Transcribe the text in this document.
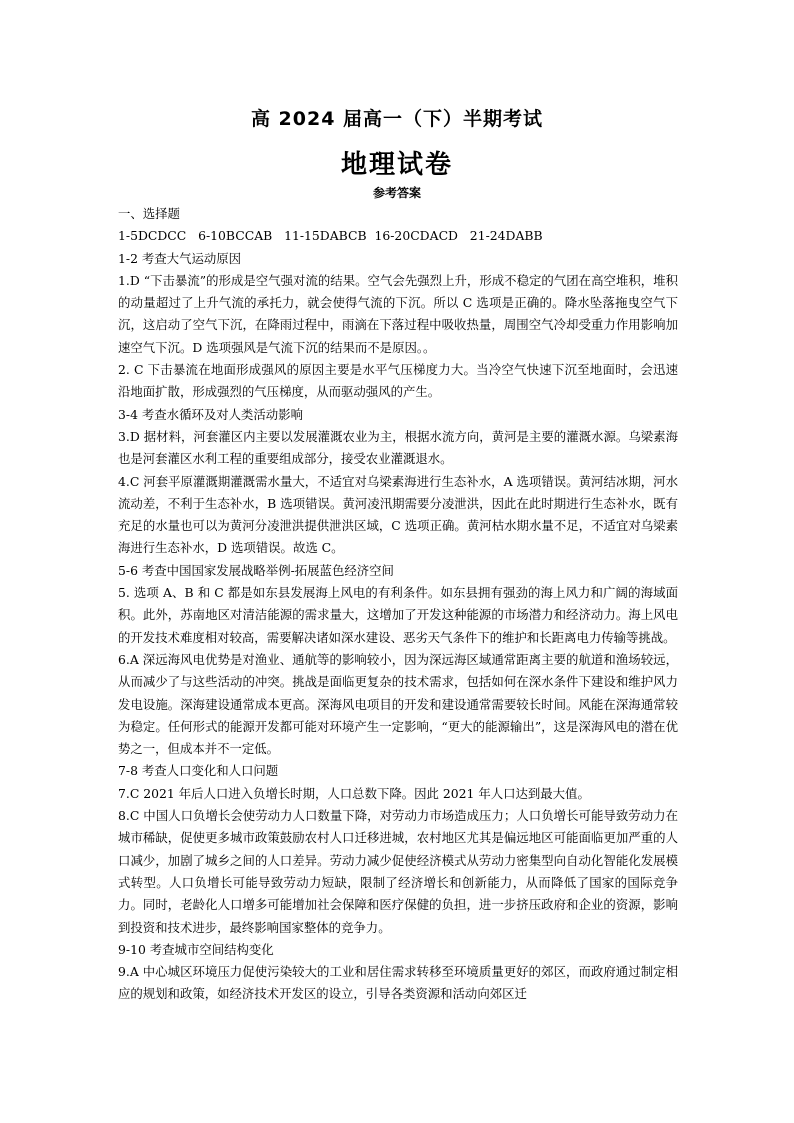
高 2024 届高一（下）半期考试
地理试卷
参考答案

一、选择题

1-5DCDCC   6-10BCCAB   11-15DABCB  16-20CDACD   21-24DABB

1-2 考查大气运动原因

1.D “下击暴流”的形成是空气强对流的结果。空气会先强烈上升，形成不稳定的气团在高空堆积，堆积的动量超过了上升气流的承托力，就会使得气流的下沉。所以 C 选项是正确的。降水坠落拖曳空气下沉，这启动了空气下沉，在降雨过程中，雨滴在下落过程中吸收热量，周围空气冷却受重力作用影响加速空气下沉。D 选项强风是气流下沉的结果而不是原因。。

2. C 下击暴流在地面形成强风的原因主要是水平气压梯度力大。当冷空气快速下沉至地面时，会迅速沿地面扩散，形成强烈的气压梯度，从而驱动强风的产生。

3-4 考查水循环及对人类活动影响

3.D 据材料，河套灌区内主要以发展灌溉农业为主，根据水流方向，黄河是主要的灌溉水源。乌梁素海也是河套灌区水利工程的重要组成部分，接受农业灌溉退水。

4.C 河套平原灌溉期灌溉需水量大，不适宜对乌梁素海进行生态补水，A 选项错误。黄河结冰期，河水流动差，不利于生态补水，B 选项错误。黄河凌汛期需要分凌泄洪，因此在此时期进行生态补水，既有充足的水量也可以为黄河分凌泄洪提供泄洪区域，C 选项正确。黄河枯水期水量不足，不适宜对乌梁素海进行生态补水，D 选项错误。故选 C。

5-6 考查中国国家发展战略举例-拓展蓝色经济空间

5. 选项 A、B 和 C 都是如东县发展海上风电的有利条件。如东县拥有强劲的海上风力和广阔的海域面积。此外，苏南地区对清洁能源的需求量大，这增加了开发这种能源的市场潜力和经济动力。海上风电的开发技术难度相对较高，需要解决诸如深水建设、恶劣天气条件下的维护和长距离电力传输等挑战。

6.A 深远海风电优势是对渔业、通航等的影响较小，因为深远海区域通常距离主要的航道和渔场较远，从而减少了与这些活动的冲突。挑战是面临更复杂的技术需求，包括如何在深水条件下建设和维护风力发电设施。深海建设通常成本更高。深海风电项目的开发和建设通常需要较长时间。风能在深海通常较为稳定。任何形式的能源开发都可能对环境产生一定影响，“更大的能源输出”，这是深海风电的潜在优势之一，但成本并不一定低。

7-8 考查人口变化和人口问题

7.C 2021 年后人口进入负增长时期，人口总数下降。因此 2021 年人口达到最大值。

8.C 中国人口负增长会使劳动力人口数量下降，对劳动力市场造成压力；人口负增长可能导致劳动力在城市稀缺，促使更多城市政策鼓励农村人口迁移进城，农村地区尤其是偏远地区可能面临更加严重的人口减少，加剧了城乡之间的人口差异。劳动力减少促使经济模式从劳动力密集型向自动化智能化发展模式转型。人口负增长可能导致劳动力短缺，限制了经济增长和创新能力，从而降低了国家的国际竞争力。同时，老龄化人口增多可能增加社会保障和医疗保健的负担，进一步挤压政府和企业的资源，影响到投资和技术进步，最终影响国家整体的竞争力。

9-10 考查城市空间结构变化

9.A 中心城区环境压力促使污染较大的工业和居住需求转移至环境质量更好的郊区，而政府通过制定相应的规划和政策，如经济技术开发区的设立，引导各类资源和活动向郊区迁
